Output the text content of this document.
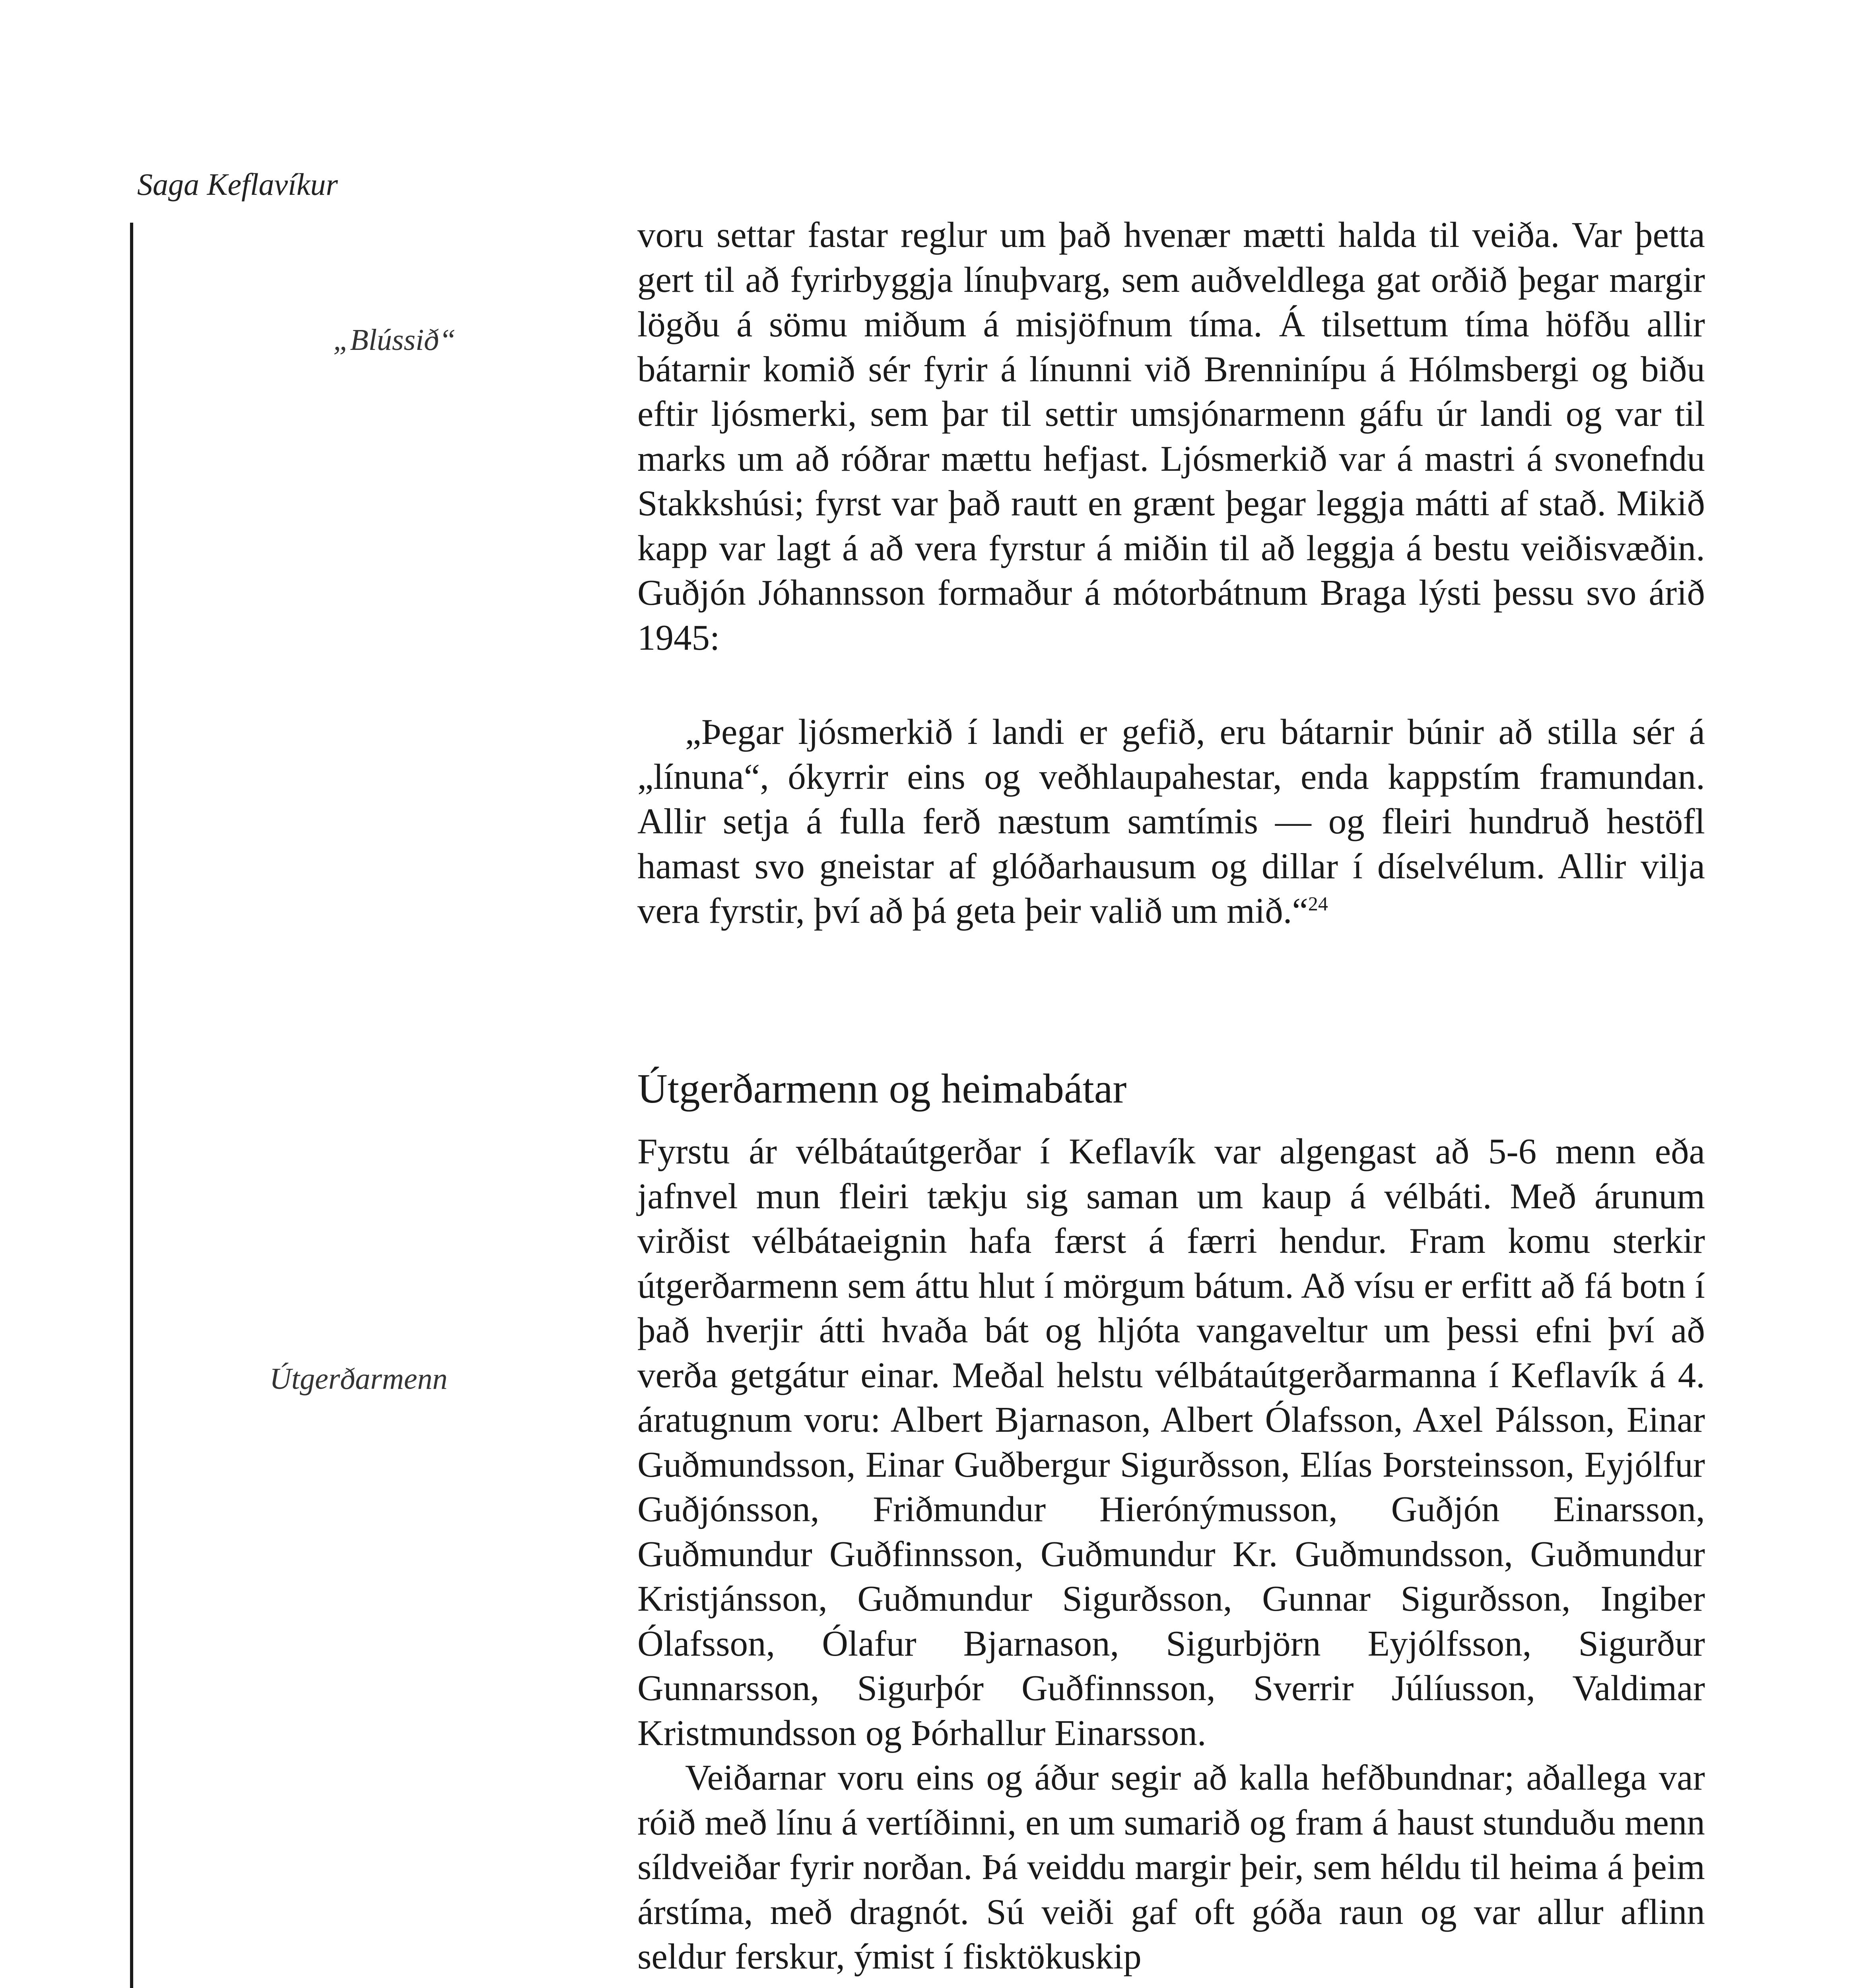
Saga Keflavíkur
„Blússið“
Útgerðarmenn

voru settar fastar reglur um það hvenær mætti halda til veiða. Var þetta gert til að fyrirbyggja línuþvarg, sem auðveldlega gat orðið þegar margir lögðu á sömu miðum á misjöfnum tíma. Á tilsettum tíma höfðu allir bátarnir komið sér fyrir á línunni við Brenninípu á Hólmsbergi og biðu eftir ljósmerki, sem þar til settir umsjónarmenn gáfu úr landi og var til marks um að róðrar mættu hefjast. Ljósmerkið var á mastri á svonefndu Stakkshúsi; fyrst var það rautt en grænt þegar leggja mátti af stað. Mikið kapp var lagt á að vera fyrstur á miðin til að leggja á bestu veiðisvæðin. Guðjón Jóhannsson formaður á mótorbátnum Braga lýsti þessu svo árið 1945:

„Þegar ljósmerkið í landi er gefið, eru bátarnir búnir að stilla sér á „línuna“, ókyrrir eins og veðhlaupahestar, enda kappstím framundan. Allir setja á fulla ferð næstum samtímis — og fleiri hundruð hestöfl hamast svo gneistar af glóðarhausum og dillar í díselvélum. Allir vilja vera fyrstir, því að þá geta þeir valið um mið.“$^{24}$

Útgerðarmenn og heimabátar

Fyrstu ár vélbátaútgerðar í Keflavík var algengast að 5-6 menn eða jafnvel mun fleiri tækju sig saman um kaup á vélbáti. Með árunum virðist vélbátaeignin hafa færst á færri hendur. Fram komu sterkir útgerðarmenn sem áttu hlut í mörgum bátum. Að vísu er erfitt að fá botn í það hverjir átti hvaða bát og hljóta vangaveltur um þessi efni því að verða getgátur einar. Meðal helstu vélbátaútgerðarmanna í Keflavík á 4. áratugnum voru: Albert Bjarnason, Albert Ólafsson, Axel Pálsson, Einar Guðmundsson, Einar Guðbergur Sigurðsson, Elías Þorsteinsson, Eyjólfur Guðjónsson, Friðmundur Hierónýmusson, Guðjón Einarsson, Guðmundur Guðfinnsson, Guðmundur Kr. Guðmundsson, Guðmundur Kristjánsson, Guðmundur Sigurðsson, Gunnar Sigurðsson, Ingiber Ólafsson, Ólafur Bjarnason, Sigurbjörn Eyjólfsson, Sigurður Gunnarsson, Sigurþór Guðfinnsson, Sverrir Júlíusson, Valdimar Kristmundsson og Þórhallur Einarsson.

Veiðarnar voru eins og áður segir að kalla hefðbundnar; aðallega var róið með línu á vertíðinni, en um sumarið og fram á haust stunduðu menn síldveiðar fyrir norðan. Þá veiddu margir þeir, sem héldu til heima á þeim árstíma, með dragnót. Sú veiði gaf oft góða raun og var allur aflinn seldur ferskur, ýmist í fisktökuskip
